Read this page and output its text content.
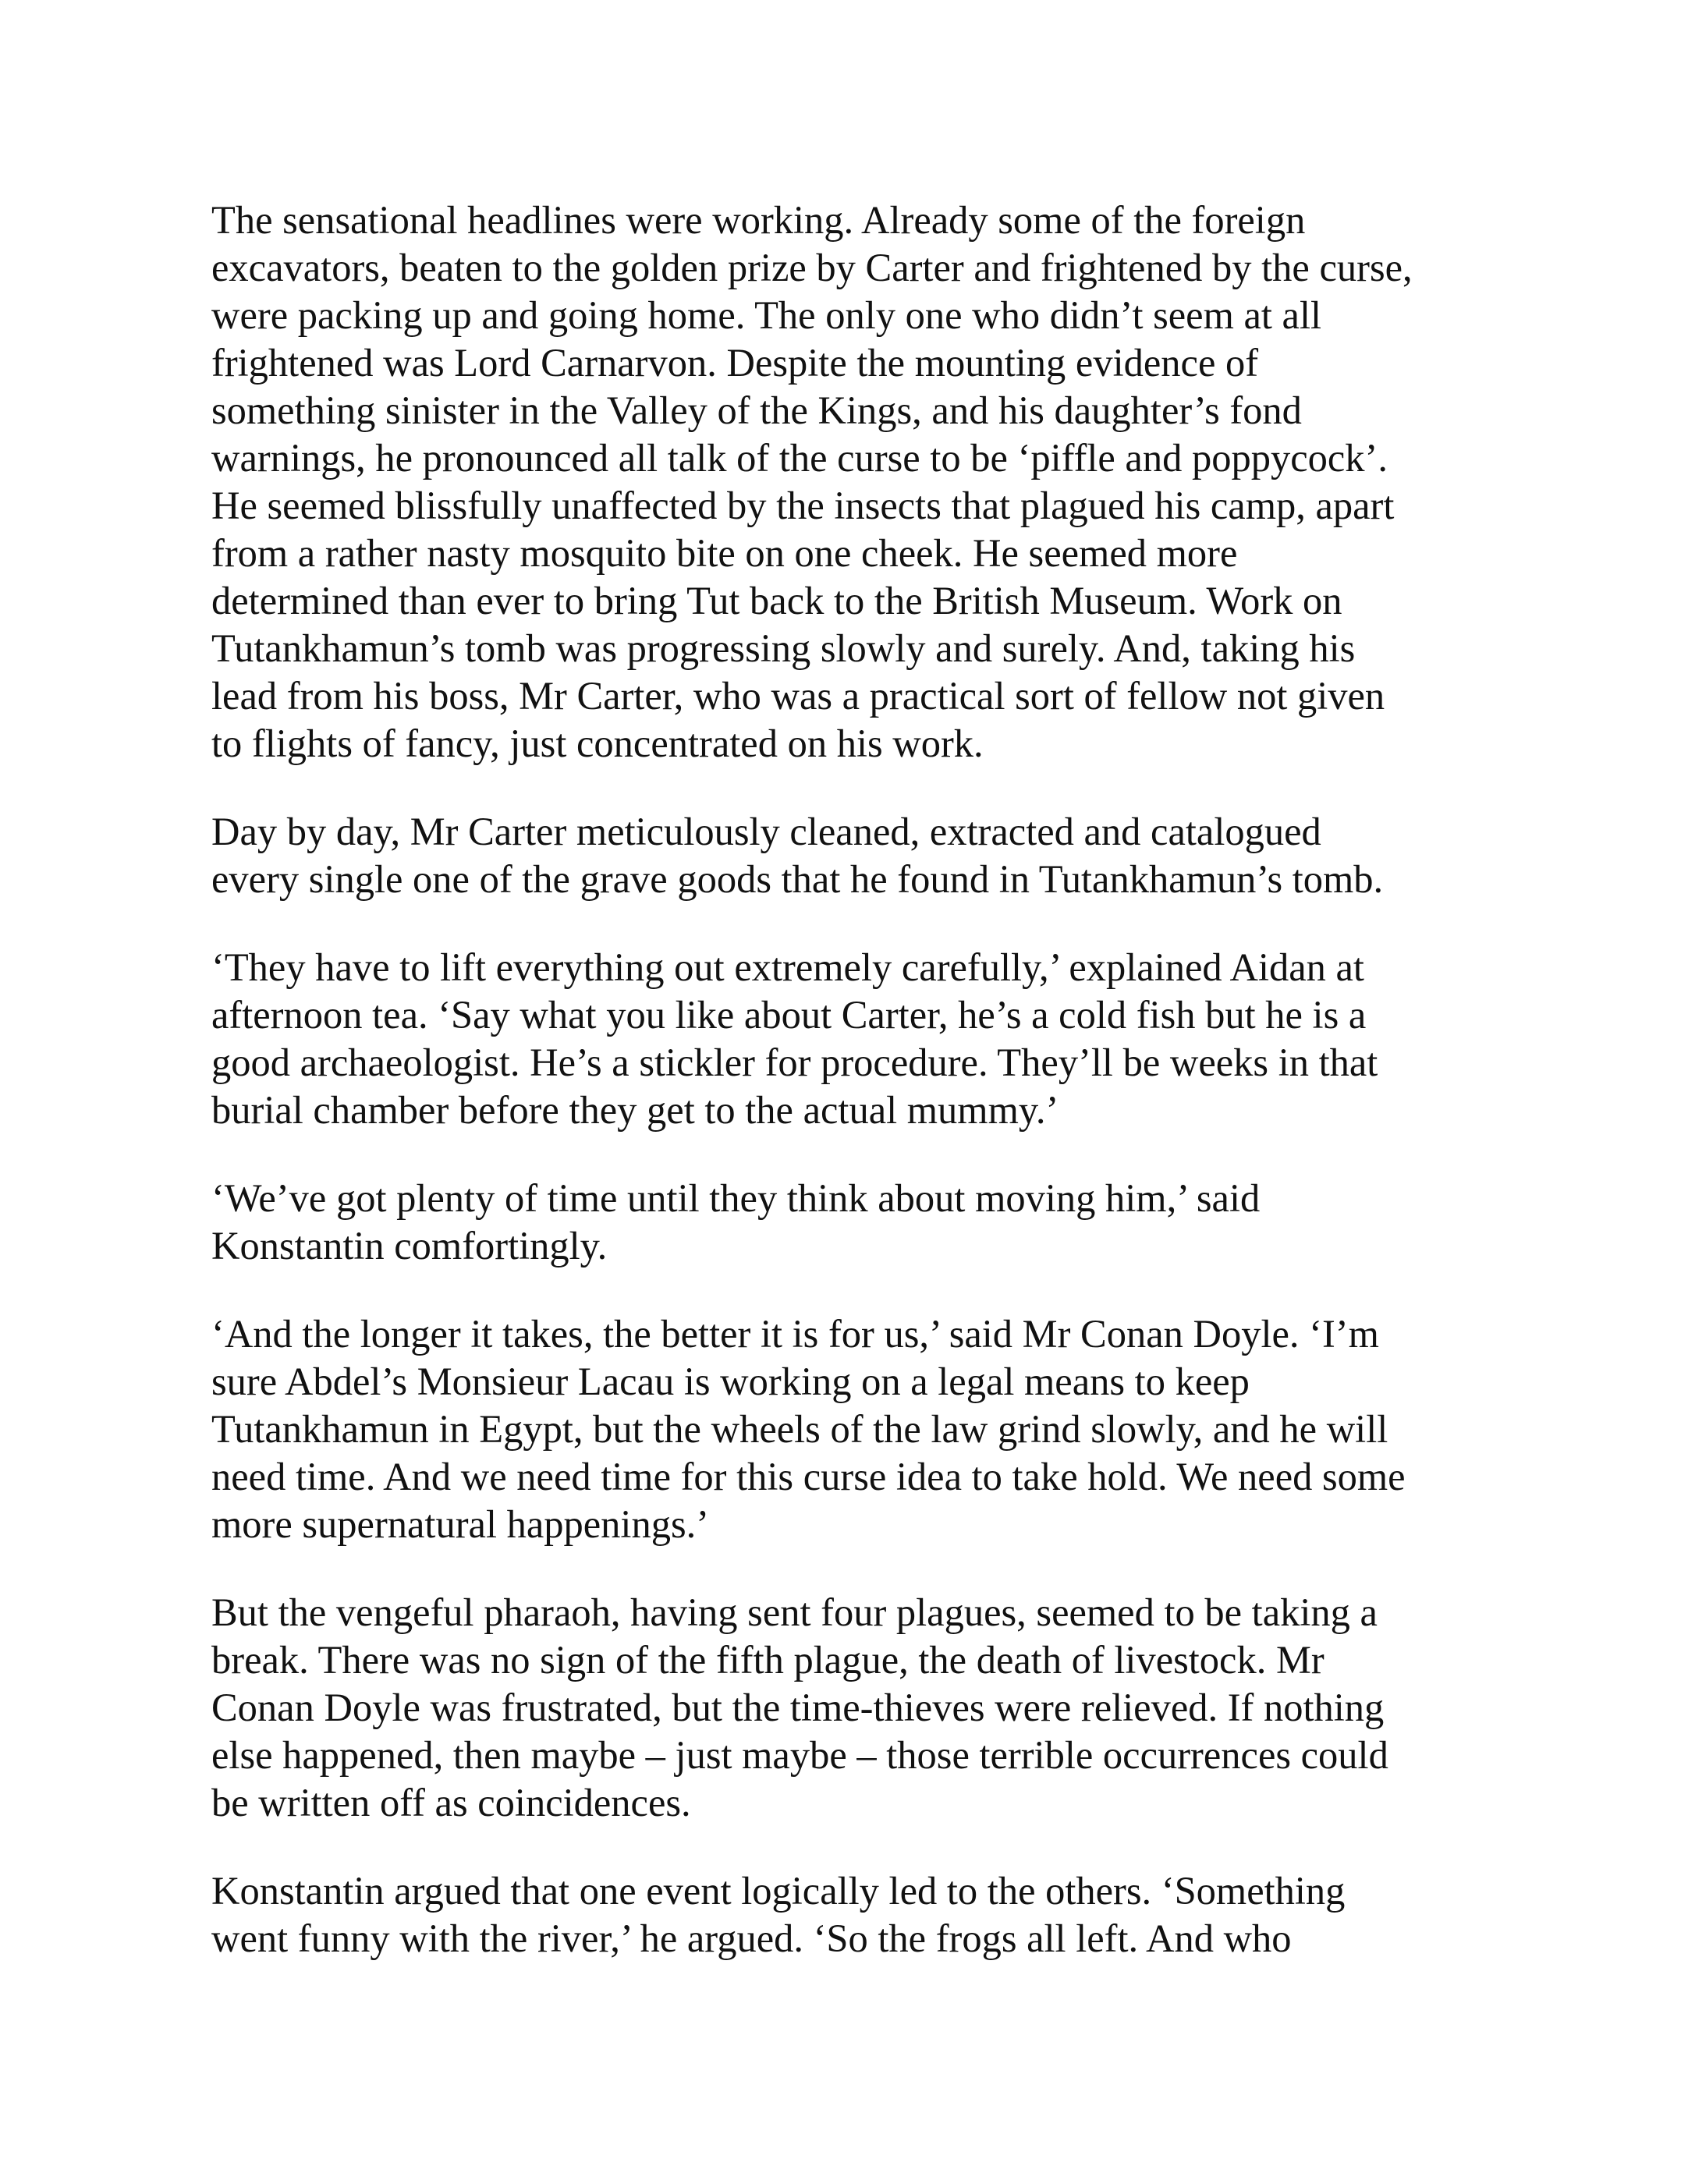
The sensational headlines were working. Already some of the foreign
excavators, beaten to the golden prize by Carter and frightened by the curse,
were packing up and going home. The only one who didn’t seem at all
frightened was Lord Carnarvon. Despite the mounting evidence of
something sinister in the Valley of the Kings, and his daughter’s fond
warnings, he pronounced all talk of the curse to be ‘piffle and poppycock’.
He seemed blissfully unaffected by the insects that plagued his camp, apart
from a rather nasty mosquito bite on one cheek. He seemed more
determined than ever to bring Tut back to the British Museum. Work on
Tutankhamun’s tomb was progressing slowly and surely. And, taking his
lead from his boss, Mr Carter, who was a practical sort of fellow not given
to flights of fancy, just concentrated on his work.

Day by day, Mr Carter meticulously cleaned, extracted and catalogued
every single one of the grave goods that he found in Tutankhamun’s tomb.

‘They have to lift everything out extremely carefully,’ explained Aidan at
afternoon tea. ‘Say what you like about Carter, he’s a cold fish but he is a
good archaeologist. He’s a stickler for procedure. They’ll be weeks in that
burial chamber before they get to the actual mummy.’

‘We’ve got plenty of time until they think about moving him,’ said
Konstantin comfortingly.

‘And the longer it takes, the better it is for us,’ said Mr Conan Doyle. ‘I’m
sure Abdel’s Monsieur Lacau is working on a legal means to keep
Tutankhamun in Egypt, but the wheels of the law grind slowly, and he will
need time. And we need time for this curse idea to take hold. We need some
more supernatural happenings.’

But the vengeful pharaoh, having sent four plagues, seemed to be taking a
break. There was no sign of the fifth plague, the death of livestock. Mr
Conan Doyle was frustrated, but the time-thieves were relieved. If nothing
else happened, then maybe – just maybe – those terrible occurrences could
be written off as coincidences.

Konstantin argued that one event logically led to the others. ‘Something
went funny with the river,’ he argued. ‘So the frogs all left. And who
